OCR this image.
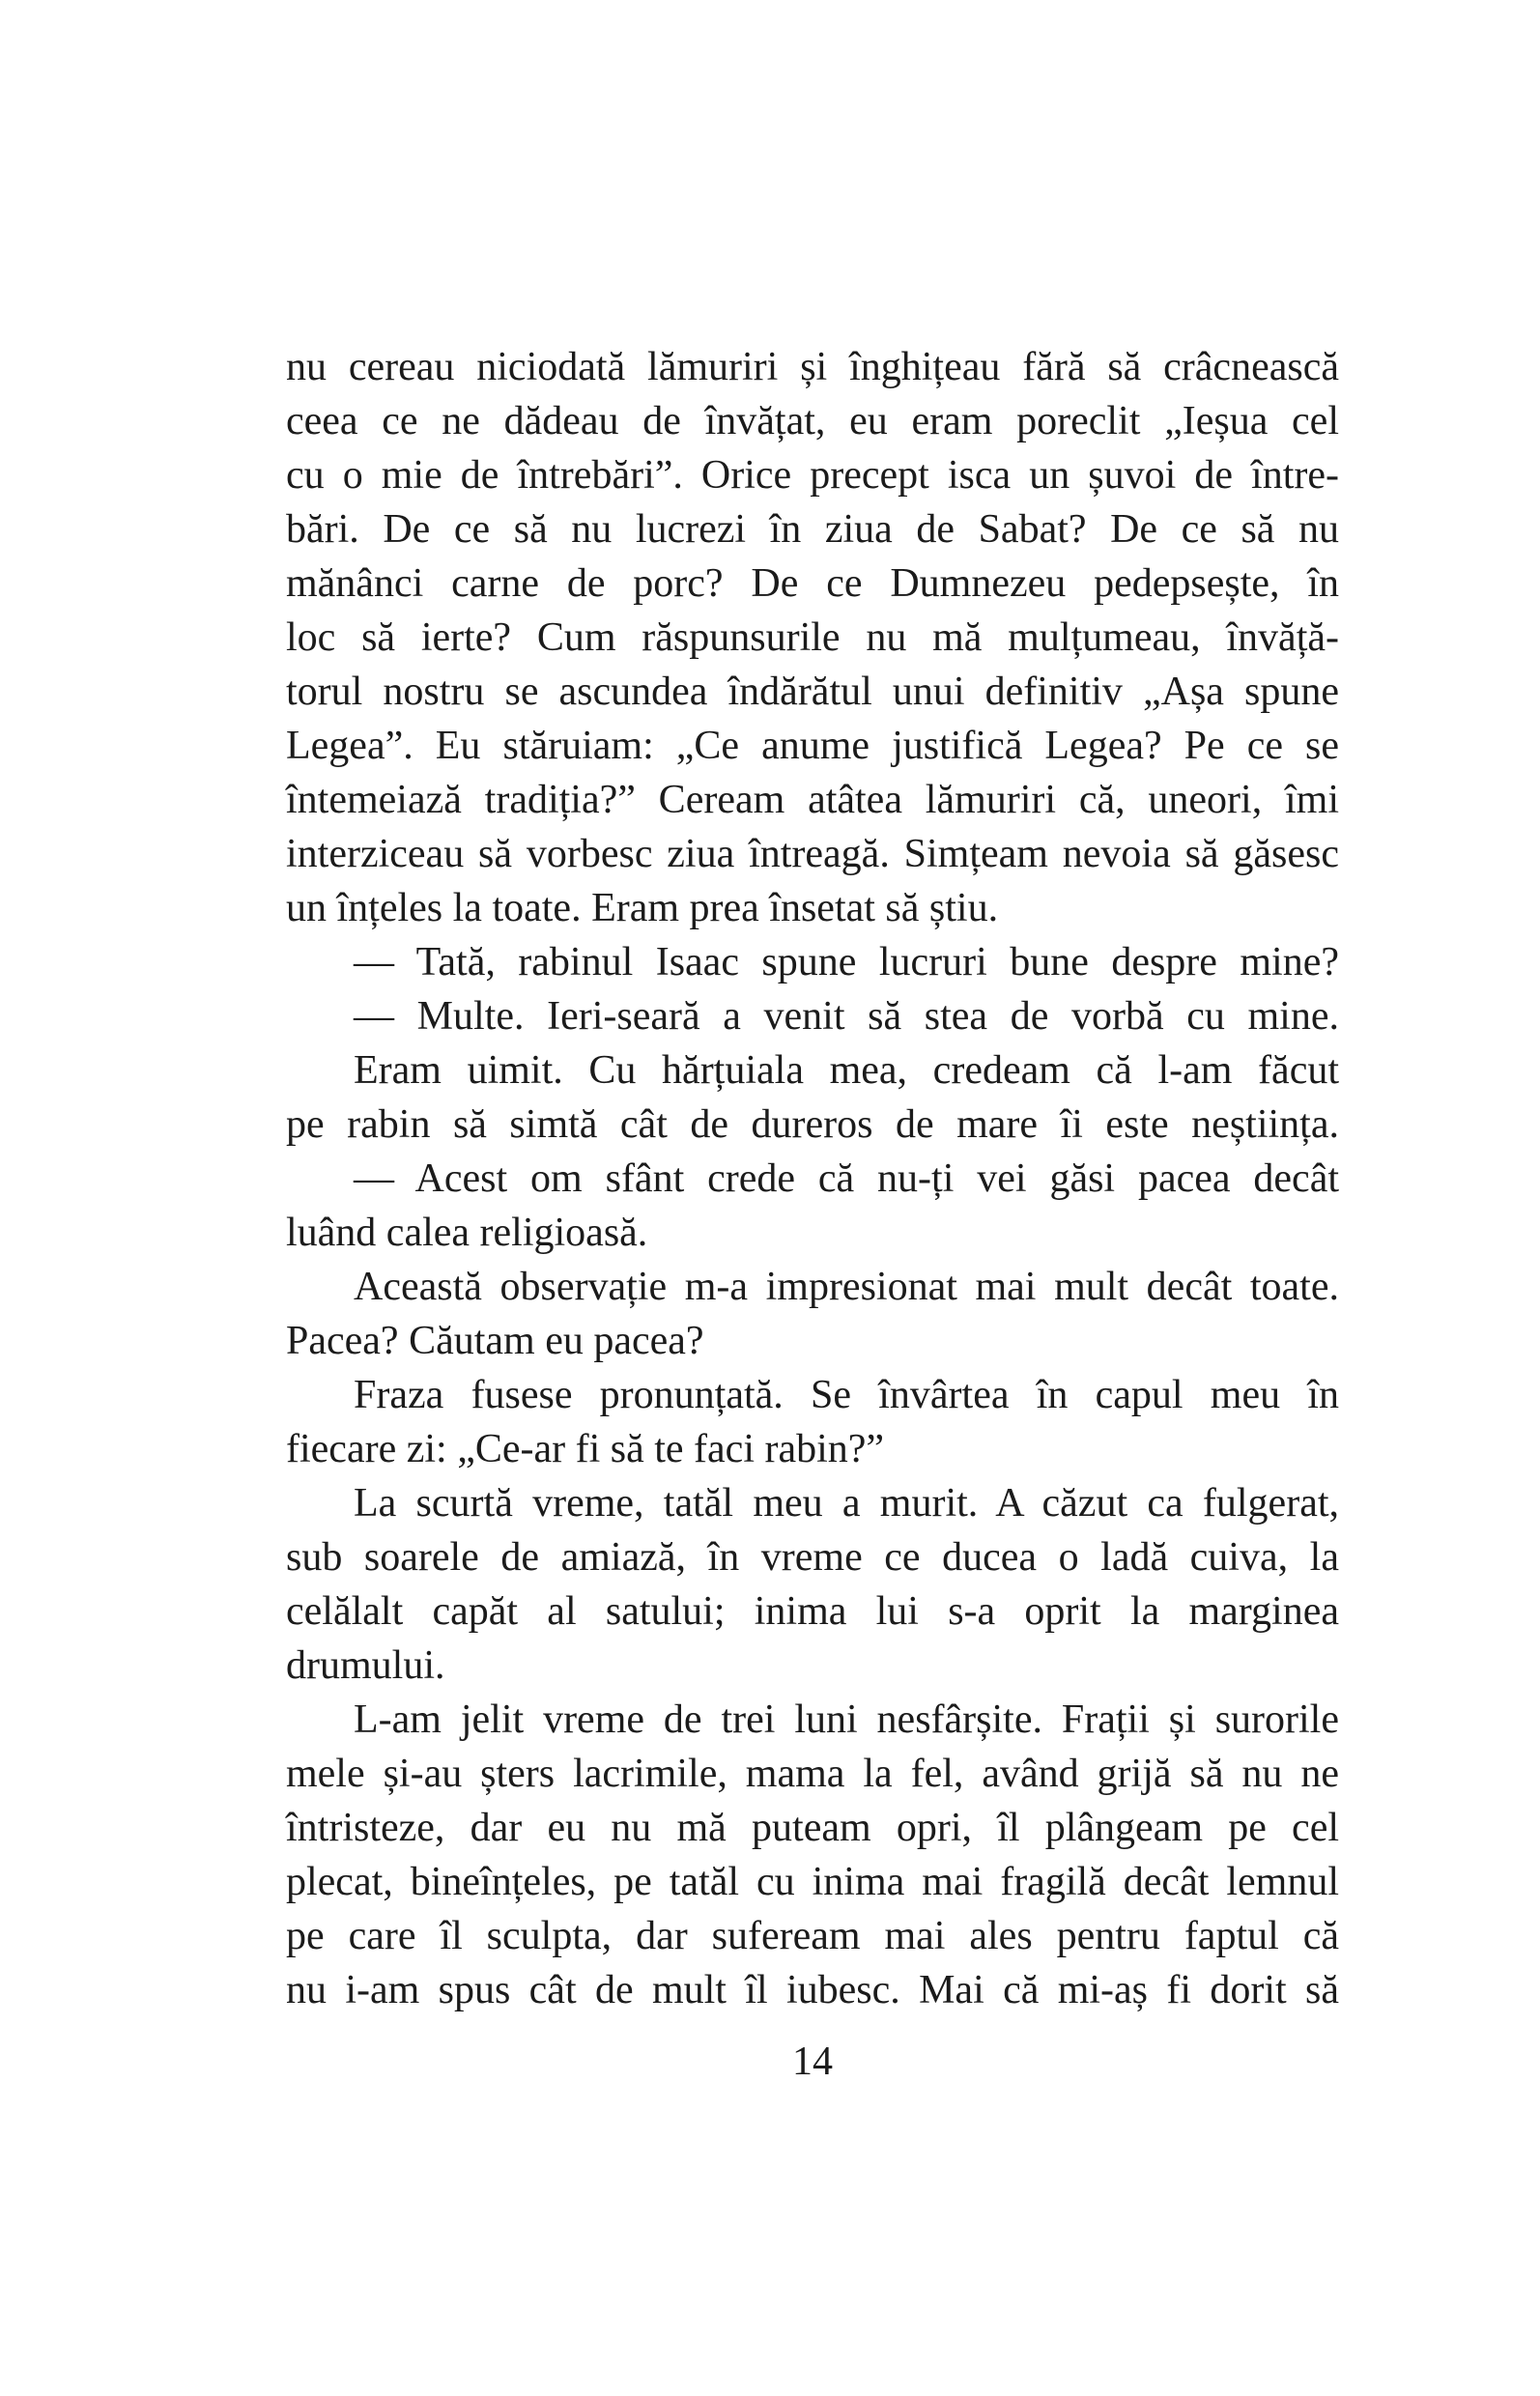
nu cereau niciodată lămuriri și înghițeau fără să crâcnească
ceea ce ne dădeau de învățat, eu eram poreclit „Ieșua cel
cu o mie de întrebări”. Orice precept isca un șuvoi de între-
bări. De ce să nu lucrezi în ziua de Sabat? De ce să nu
mănânci carne de porc? De ce Dumnezeu pedepsește, în
loc să ierte? Cum răspunsurile nu mă mulțumeau, învăță-
torul nostru se ascundea îndărătul unui definitiv „Așa spune
Legea”. Eu stăruiam: „Ce anume justifică Legea? Pe ce se
întemeiază tradiția?” Ceream atâtea lămuriri că, uneori, îmi
interziceau să vorbesc ziua întreagă. Simțeam nevoia să găsesc
un înțeles la toate. Eram prea însetat să știu.
— Tată, rabinul Isaac spune lucruri bune despre mine?
— Multe. Ieri-seară a venit să stea de vorbă cu mine.
Eram uimit. Cu hărțuiala mea, credeam că l-am făcut
pe rabin să simtă cât de dureros de mare îi este neștiința.
— Acest om sfânt crede că nu-ți vei găsi pacea decât
luând calea religioasă.
Această observație m-a impresionat mai mult decât toate.
Pacea? Căutam eu pacea?
Fraza fusese pronunțată. Se învârtea în capul meu în
fiecare zi: „Ce-ar fi să te faci rabin?”
La scurtă vreme, tatăl meu a murit. A căzut ca fulgerat,
sub soarele de amiază, în vreme ce ducea o ladă cuiva, la
celălalt capăt al satului; inima lui s-a oprit la marginea
drumului.
L-am jelit vreme de trei luni nesfârșite. Frații și surorile
mele și-au șters lacrimile, mama la fel, având grijă să nu ne
întristeze, dar eu nu mă puteam opri, îl plângeam pe cel
plecat, bineînțeles, pe tatăl cu inima mai fragilă decât lemnul
pe care îl sculpta, dar sufeream mai ales pentru faptul că
nu i-am spus cât de mult îl iubesc. Mai că mi-aș fi dorit să
14
